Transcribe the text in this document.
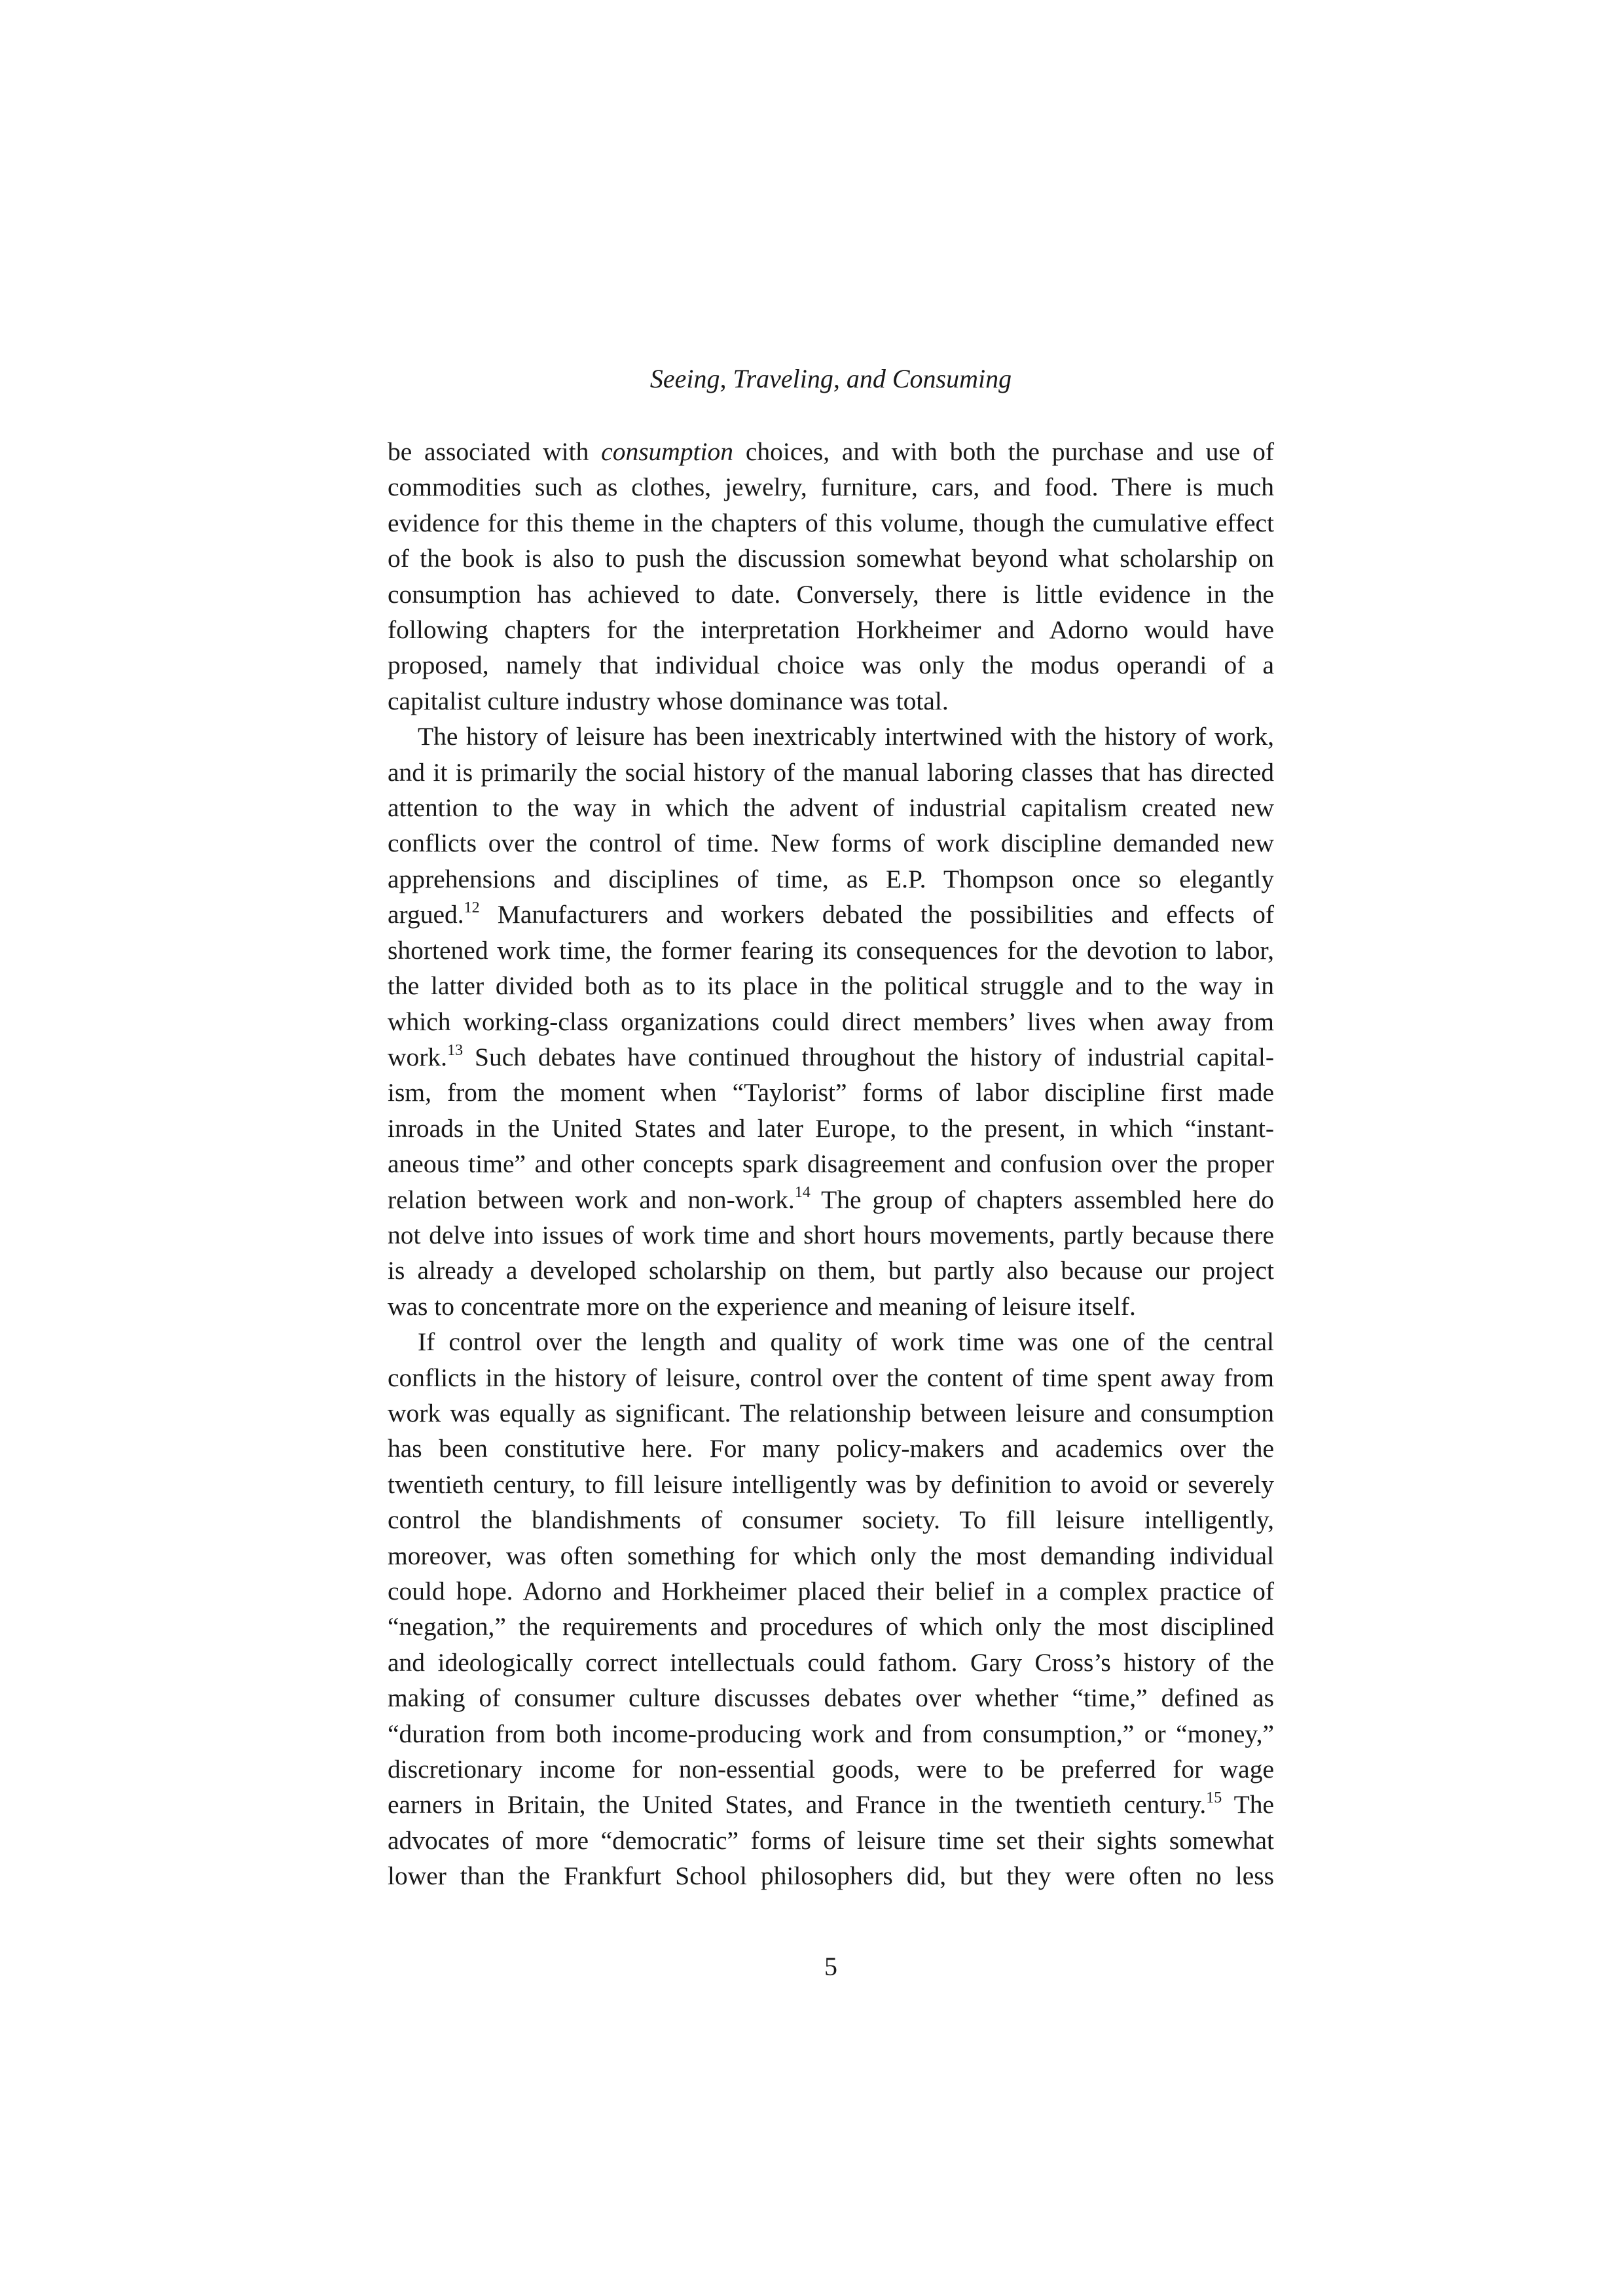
Seeing, Traveling, and Consuming
be associated with consumption choices, and with both the purchase and use of
commodities such as clothes, jewelry, furniture, cars, and food. There is much
evidence for this theme in the chapters of this volume, though the cumulative effect
of the book is also to push the discussion somewhat beyond what scholarship on
consumption has achieved to date. Conversely, there is little evidence in the
following chapters for the interpretation Horkheimer and Adorno would have
proposed, namely that individual choice was only the modus operandi of a
capitalist culture industry whose dominance was total.
The history of leisure has been inextricably intertwined with the history of work,
and it is primarily the social history of the manual laboring classes that has directed
attention to the way in which the advent of industrial capitalism created new
conflicts over the control of time. New forms of work discipline demanded new
apprehensions and disciplines of time, as E.P. Thompson once so elegantly
argued.$^{12}$ Manufacturers and workers debated the possibilities and effects of
shortened work time, the former fearing its consequences for the devotion to labor,
the latter divided both as to its place in the political struggle and to the way in
which working-class organizations could direct members’ lives when away from
work.$^{13}$ Such debates have continued throughout the history of industrial capital-
ism, from the moment when “Taylorist” forms of labor discipline first made
inroads in the United States and later Europe, to the present, in which “instant-
aneous time” and other concepts spark disagreement and confusion over the proper
relation between work and non-work.$^{14}$ The group of chapters assembled here do
not delve into issues of work time and short hours movements, partly because there
is already a developed scholarship on them, but partly also because our project
was to concentrate more on the experience and meaning of leisure itself.
If control over the length and quality of work time was one of the central
conflicts in the history of leisure, control over the content of time spent away from
work was equally as significant. The relationship between leisure and consumption
has been constitutive here. For many policy-makers and academics over the
twentieth century, to fill leisure intelligently was by definition to avoid or severely
control the blandishments of consumer society. To fill leisure intelligently,
moreover, was often something for which only the most demanding individual
could hope. Adorno and Horkheimer placed their belief in a complex practice of
“negation,” the requirements and procedures of which only the most disciplined
and ideologically correct intellectuals could fathom. Gary Cross’s history of the
making of consumer culture discusses debates over whether “time,” defined as
“duration from both income-producing work and from consumption,” or “money,”
discretionary income for non-essential goods, were to be preferred for wage
earners in Britain, the United States, and France in the twentieth century.$^{15}$ The
advocates of more “democratic” forms of leisure time set their sights somewhat
lower than the Frankfurt School philosophers did, but they were often no less
5
